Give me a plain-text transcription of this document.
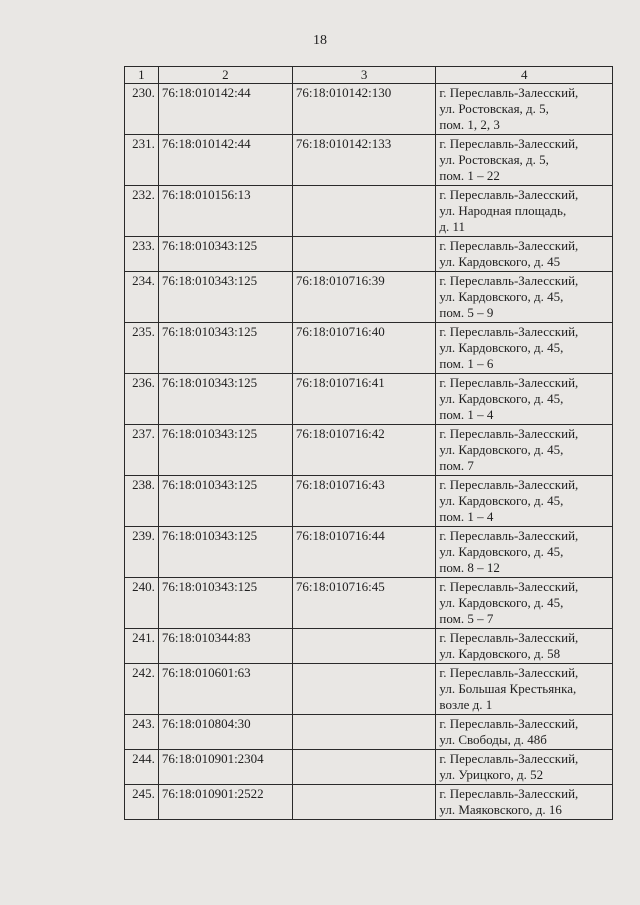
18
1	2	3	4
230.	76:18:010142:44	76:18:010142:130	г. Переславль-Залесский,
ул. Ростовская, д. 5,
пом. 1, 2, 3
231.	76:18:010142:44	76:18:010142:133	г. Переславль-Залесский,
ул. Ростовская, д. 5,
пом. 1 – 22
232.	76:18:010156:13		г. Переславль-Залесский,
ул. Народная площадь,
д. 11
233.	76:18:010343:125		г. Переславль-Залесский,
ул. Кардовского, д. 45
234.	76:18:010343:125	76:18:010716:39	г. Переславль-Залесский,
ул. Кардовского, д. 45,
пом. 5 – 9
235.	76:18:010343:125	76:18:010716:40	г. Переславль-Залесский,
ул. Кардовского, д. 45,
пом. 1 – 6
236.	76:18:010343:125	76:18:010716:41	г. Переславль-Залесский,
ул. Кардовского, д. 45,
пом. 1 – 4
237.	76:18:010343:125	76:18:010716:42	г. Переславль-Залесский,
ул. Кардовского, д. 45,
пом. 7
238.	76:18:010343:125	76:18:010716:43	г. Переславль-Залесский,
ул. Кардовского, д. 45,
пом. 1 – 4
239.	76:18:010343:125	76:18:010716:44	г. Переславль-Залесский,
ул. Кардовского, д. 45,
пом. 8 – 12
240.	76:18:010343:125	76:18:010716:45	г. Переславль-Залесский,
ул. Кардовского, д. 45,
пом. 5 – 7
241.	76:18:010344:83		г. Переславль-Залесский,
ул. Кардовского, д. 58
242.	76:18:010601:63		г. Переславль-Залесский,
ул. Большая Крестьянка,
возле д. 1
243.	76:18:010804:30		г. Переславль-Залесский,
ул. Свободы, д. 48б
244.	76:18:010901:2304		г. Переславль-Залесский,
ул. Урицкого, д. 52
245.	76:18:010901:2522		г. Переславль-Залесский,
ул. Маяковского, д. 16
